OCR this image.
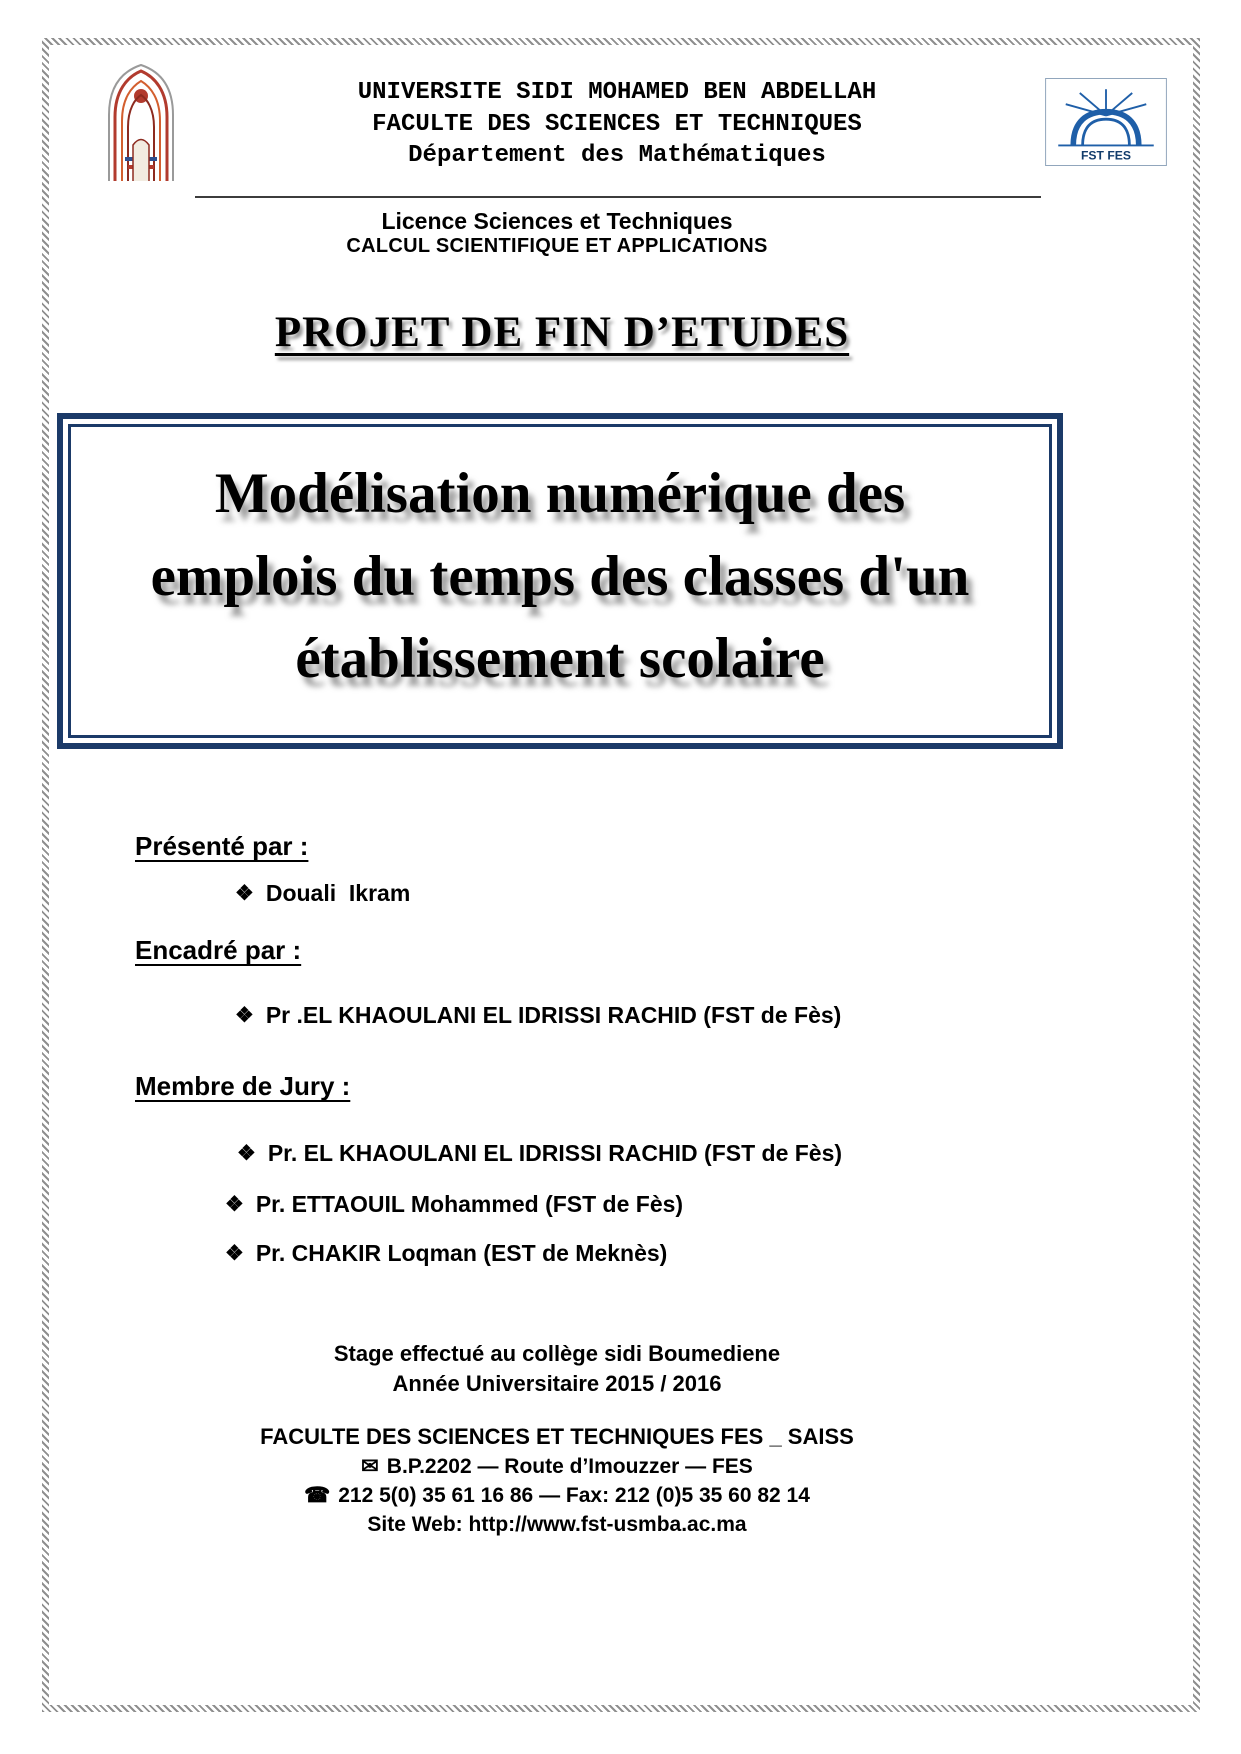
UNIVERSITE SIDI MOHAMED BEN ABDELLAH
FACULTE DES SCIENCES ET TECHNIQUES
Département des Mathématiques	FST FES
Licence Sciences et Techniques
CALCUL SCIENTIFIQUE ET APPLICATIONS
PROJET DE FIN D’ETUDES
Modélisation numérique des
emplois du temps des classes d'un
établissement scolaire
Présenté par :
❖ Douali  Ikram
Encadré par :
❖ Pr .EL KHAOULANI EL IDRISSI RACHID (FST de Fès)
Membre de Jury :
❖ Pr. EL KHAOULANI EL IDRISSI RACHID (FST de Fès)
❖ Pr. ETTAOUIL Mohammed (FST de Fès)
❖ Pr. CHAKIR Loqman (EST de Meknès)
Stage effectué au collège sidi Boumediene
Année Universitaire 2015 / 2016
FACULTE DES SCIENCES ET TECHNIQUES FES _ SAISS
✉ B.P.2202 — Route d’Imouzzer — FES
☎ 212 5(0) 35 61 16 86 — Fax: 212 (0)5 35 60 82 14
Site Web: http://www.fst-usmba.ac.ma
